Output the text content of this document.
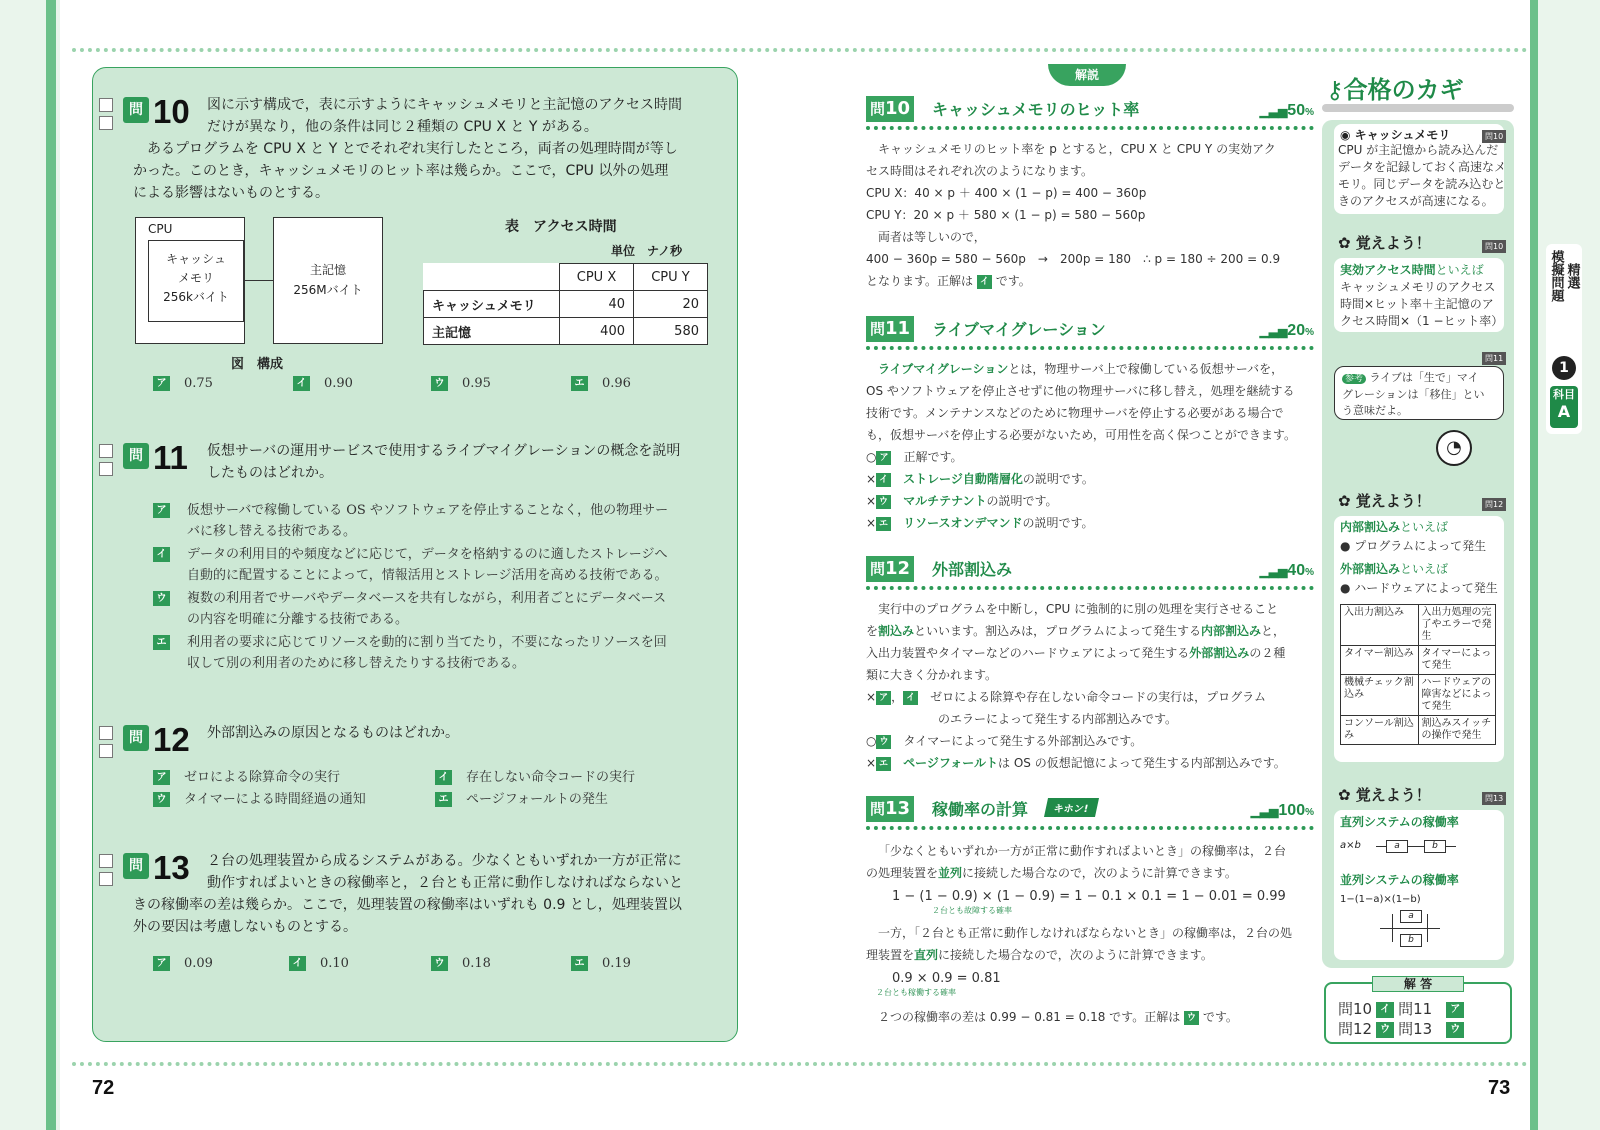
72	73
問 10	図に示す構成で，表に示すようにキャッシュメモリと主記憶のアクセス時間
だけが異なり，他の条件は同じ２種類の CPU X と Y がある。
あるプログラムを CPU X と Y とでそれぞれ実行したところ，両者の処理時間が等し
かった。このとき，キャッシュメモリのヒット率は幾らか。ここで，CPU 以外の処理
による影響はないものとする。
CPU
キャッシュ
メモリ
256kバイト
主記憶
256Mバイト
図　構成
表　アクセス時間
単位　ナノ秒
	CPU X	CPU Y
キャッシュメモリ	40	20
主記憶	400	580
ア 0.75	イ 0.90	ウ 0.95	エ 0.96
問 11	仮想サーバの運用サービスで使用するライブマイグレーションの概念を説明
したものはどれか。
ア	仮想サーバで稼働している OS やソフトウェアを停止することなく，他の物理サー
バに移し替える技術である。
イ	データの利用目的や頻度などに応じて，データを格納するのに適したストレージへ
自動的に配置することによって，情報活用とストレージ活用を高める技術である。
ウ	複数の利用者でサーバやデータベースを共有しながら，利用者ごとにデータベース
の内容を明確に分離する技術である。
エ	利用者の要求に応じてリソースを動的に割り当てたり，不要になったリソースを回
収して別の利用者のために移し替えたりする技術である。
問 12	外部割込みの原因となるものはどれか。
ア ゼロによる除算命令の実行	イ 存在しない命令コードの実行
ウ タイマーによる時間経過の通知	エ ページフォールトの発生
問 13	２台の処理装置から成るシステムがある。少なくともいずれか一方が正常に
動作すればよいときの稼働率と，２台とも正常に動作しなければならないと
きの稼働率の差は幾らか。ここで，処理装置の稼働率はいずれも 0.9 とし，処理装置以
外の要因は考慮しないものとする。
ア 0.09	イ 0.10	ウ 0.18	エ 0.19
解説
問10 キャッシュメモリのヒット率	▁▃▅50%
キャッシュメモリのヒット率を p とすると，CPU X と CPU Y の実効アク
セス時間はそれぞれ次のようになります。
CPU X：40 × p ＋ 400 × (1 − p) = 400 − 360p
CPU Y：20 × p ＋ 580 × (1 − p) = 580 − 560p
両者は等しいので，
400 − 360p = 580 − 560p　→　200p = 180　∴ p = 180 ÷ 200 = 0.9
となります。正解は イ です。
問11 ライブマイグレーション	▁▃▅20%
ライブマイグレーションとは，物理サーバ上で稼働している仮想サーバを，
OS やソフトウェアを停止させずに他の物理サーバに移し替え，処理を継続する
技術です。メンテナンスなどのために物理サーバを停止する必要がある場合で
も，仮想サーバを停止する必要がないため，可用性を高く保つことができます。
○ ア　 正解です。
× イ　 ストレージ自動階層化の説明です。
× ウ　 マルチテナントの説明です。
× エ　 リソースオンデマンドの説明です。
問12 外部割込み	▁▃▅40%
実行中のプログラムを中断し，CPU に強制的に別の処理を実行させること
を割込みといいます。割込みは，プログラムによって発生する内部割込みと，
入出力装置やタイマーなどのハードウェアによって発生する外部割込みの２種
類に大きく分かれます。
× ア ， イ　 ゼロによる除算や存在しない命令コードの実行は，プログラム
のエラーによって発生する内部割込みです。
○ ウ　 タイマーによって発生する外部割込みです。
× エ　 ページフォールトは OS の仮想記憶によって発生する内部割込みです。
問13 稼働率の計算	キホン!	▁▃▅100%
「少なくともいずれか一方が正常に動作すればよいとき」の稼働率は，２台
の処理装置を並列に接続した場合なので，次のように計算できます。
1 − (1 − 0.9) × (1 − 0.9) = 1 − 0.1 × 0.1 = 1 − 0.01 = 0.99
２台とも故障する確率
一方，「２台とも正常に動作しなければならないとき」の稼働率は，２台の処
理装置を直列に接続した場合なので，次のように計算できます。
0.9 × 0.9 = 0.81
２台とも稼働する確率
２つの稼働率の差は 0.99 − 0.81 = 0.18 です。正解は ウ です。
⚷合格のカギ
◉ キャッシュメモリ	問10
CPU が主記憶から読み込んだ
データを記録しておく高速なメ
モリ。同じデータを読み込むと
きのアクセスが高速になる。
✿ 覚えよう！	問10
実効アクセス時間といえば
キャッシュメモリのアクセス
時間×ヒット率＋主記憶のア
クセス時間×（1 −ヒット率）
問11
参考 ライブは「生で」マイ
グレーションは「移住」とい
う意味だよ。
◔
✿ 覚えよう！	問12
内部割込みといえば
● プログラムによって発生
外部割込みといえば
● ハードウェアによって発生
入出力割込み	入出力処理の完了やエラーで発生
タイマー割込み	タイマーによって発生
機械チェック割込み	ハードウェアの障害などによって発生
コンソール割込み	割込みスイッチの操作で発生
✿ 覚えよう！	問13
直列システムの稼働率
a×b	a	b
並列システムの稼働率
1−(1−a)×(1−b)
a
b
解 答
問10 イ 問11 ア
問12 ウ 問13 ウ
模擬問題 精選
1
科目
A
